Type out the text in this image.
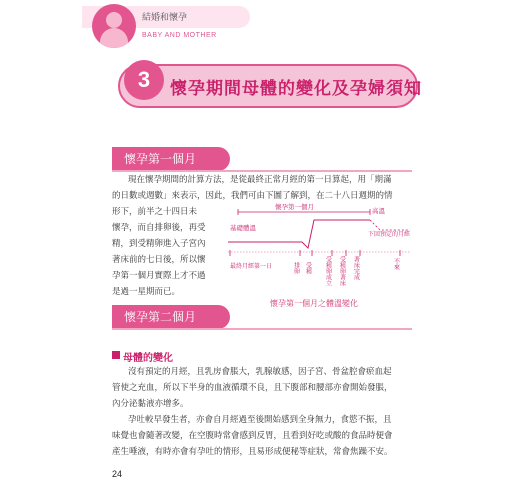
結婚和懷孕
BABY AND MOTHER
3	懷孕期間母體的變化及孕婦須知
懷孕第一個月
現在懷孕期間的計算方法，是從最終正常月經的第一日算起，用「期滿
的日數或週數」來表示，因此，我們可由下圖了解到，在二十八日週期的情
形下，前半之十四日未
懷孕，而自排卵後，再受
精，到受精卵進入子宮內
著床前的七日後，所以懷
孕第一個月實際上才不過
是過一星期而已。
懷孕第一個月
基礎體溫
高溫
下回預定的月經
最終月經第一日	排卵 受精 受精卵成立 受精卵著床 著床完成	不來
懷孕第一個月之體溫變化
懷孕第二個月
母體的變化
沒有預定的月經，且乳房會脹大，乳腺敏感，因子宮、骨盆腔會瘀血起
管使之充血，所以下半身的血液循環不良，且下腹部和腰部亦會開始發脹，
內分泌黏液亦增多。
孕吐較早發生者，亦會自月經過至後開始感到全身無力，食慾不振，且
味覺也會隨著改變，在空腹時常會感到反胃，且看到好吃或酸的食品時便會
產生唾液，有時亦會有孕吐的情形，且易形成便秘等症狀，常會焦躁不安。
24
